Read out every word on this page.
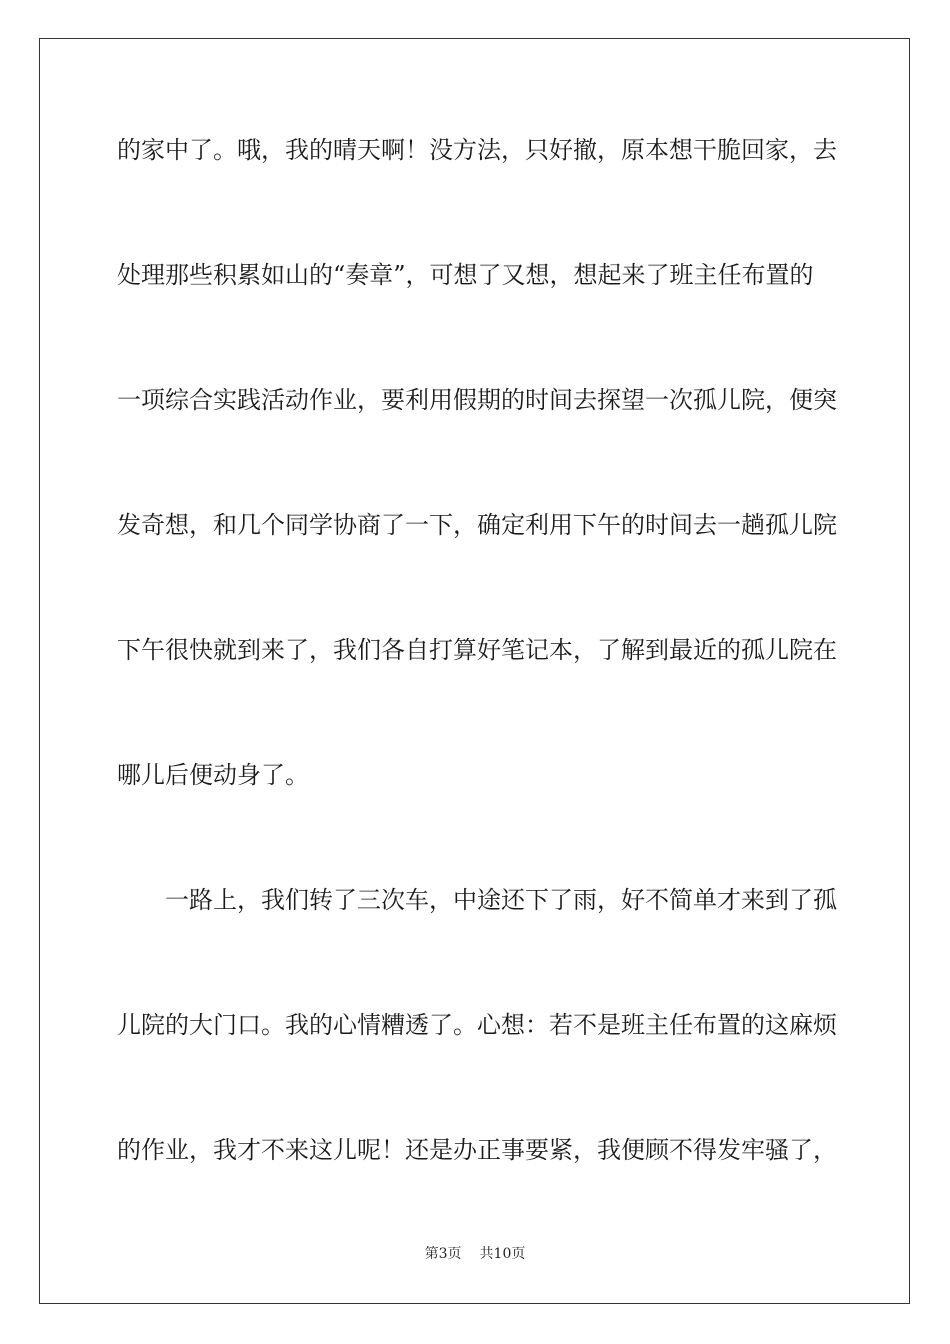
的家中了。哦，我的晴天啊！没方法，只好撤，原本想干脆回家，去
处理那些积累如山的“奏章”，可想了又想，想起来了班主任布置的
一项综合实践活动作业，要利用假期的时间去探望一次孤儿院，便突
发奇想，和几个同学协商了一下，确定利用下午的时间去一趟孤儿院
下午很快就到来了，我们各自打算好笔记本，了解到最近的孤儿院在
哪儿后便动身了。
　　一路上，我们转了三次车，中途还下了雨，好不简单才来到了孤
儿院的大门口。我的心情糟透了。心想：若不是班主任布置的这麻烦
的作业，我才不来这儿呢！还是办正事要紧，我便顾不得发牢骚了，
第3页 共10页
